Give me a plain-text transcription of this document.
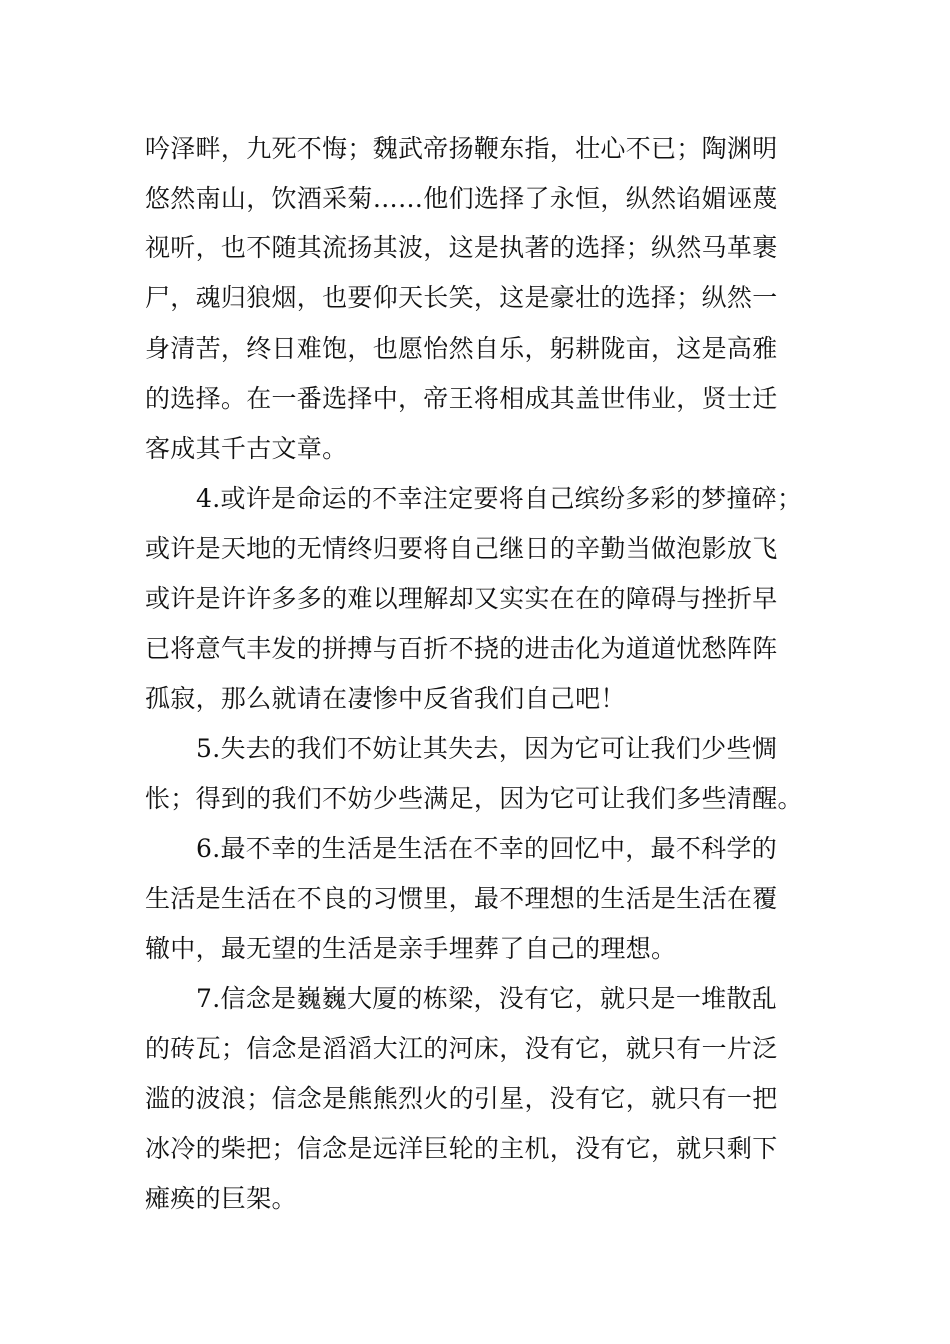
吟泽畔，九死不悔；魏武帝扬鞭东指，壮心不已；陶渊明
悠然南山，饮酒采菊……他们选择了永恒，纵然谄媚诬蔑
视听，也不随其流扬其波，这是执著的选择；纵然马革裹
尸，魂归狼烟，也要仰天长笑，这是豪壮的选择；纵然一
身清苦，终日难饱，也愿怡然自乐，躬耕陇亩，这是高雅
的选择。在一番选择中，帝王将相成其盖世伟业，贤士迁
客成其千古文章。
4.或许是命运的不幸注定要将自己缤纷多彩的梦撞碎；
或许是天地的无情终归要将自己继日的辛勤当做泡影放飞
或许是许许多多的难以理解却又实实在在的障碍与挫折早
已将意气丰发的拼搏与百折不挠的进击化为道道忧愁阵阵
孤寂，那么就请在凄惨中反省我们自己吧！
5.失去的我们不妨让其失去，因为它可让我们少些惆
怅；得到的我们不妨少些满足，因为它可让我们多些清醒。
6.最不幸的生活是生活在不幸的回忆中，最不科学的
生活是生活在不良的习惯里，最不理想的生活是生活在覆
辙中，最无望的生活是亲手埋葬了自己的理想。
7.信念是巍巍大厦的栋梁，没有它，就只是一堆散乱
的砖瓦；信念是滔滔大江的河床，没有它，就只有一片泛
滥的波浪；信念是熊熊烈火的引星，没有它，就只有一把
冰冷的柴把；信念是远洋巨轮的主机，没有它，就只剩下
瘫痪的巨架。
